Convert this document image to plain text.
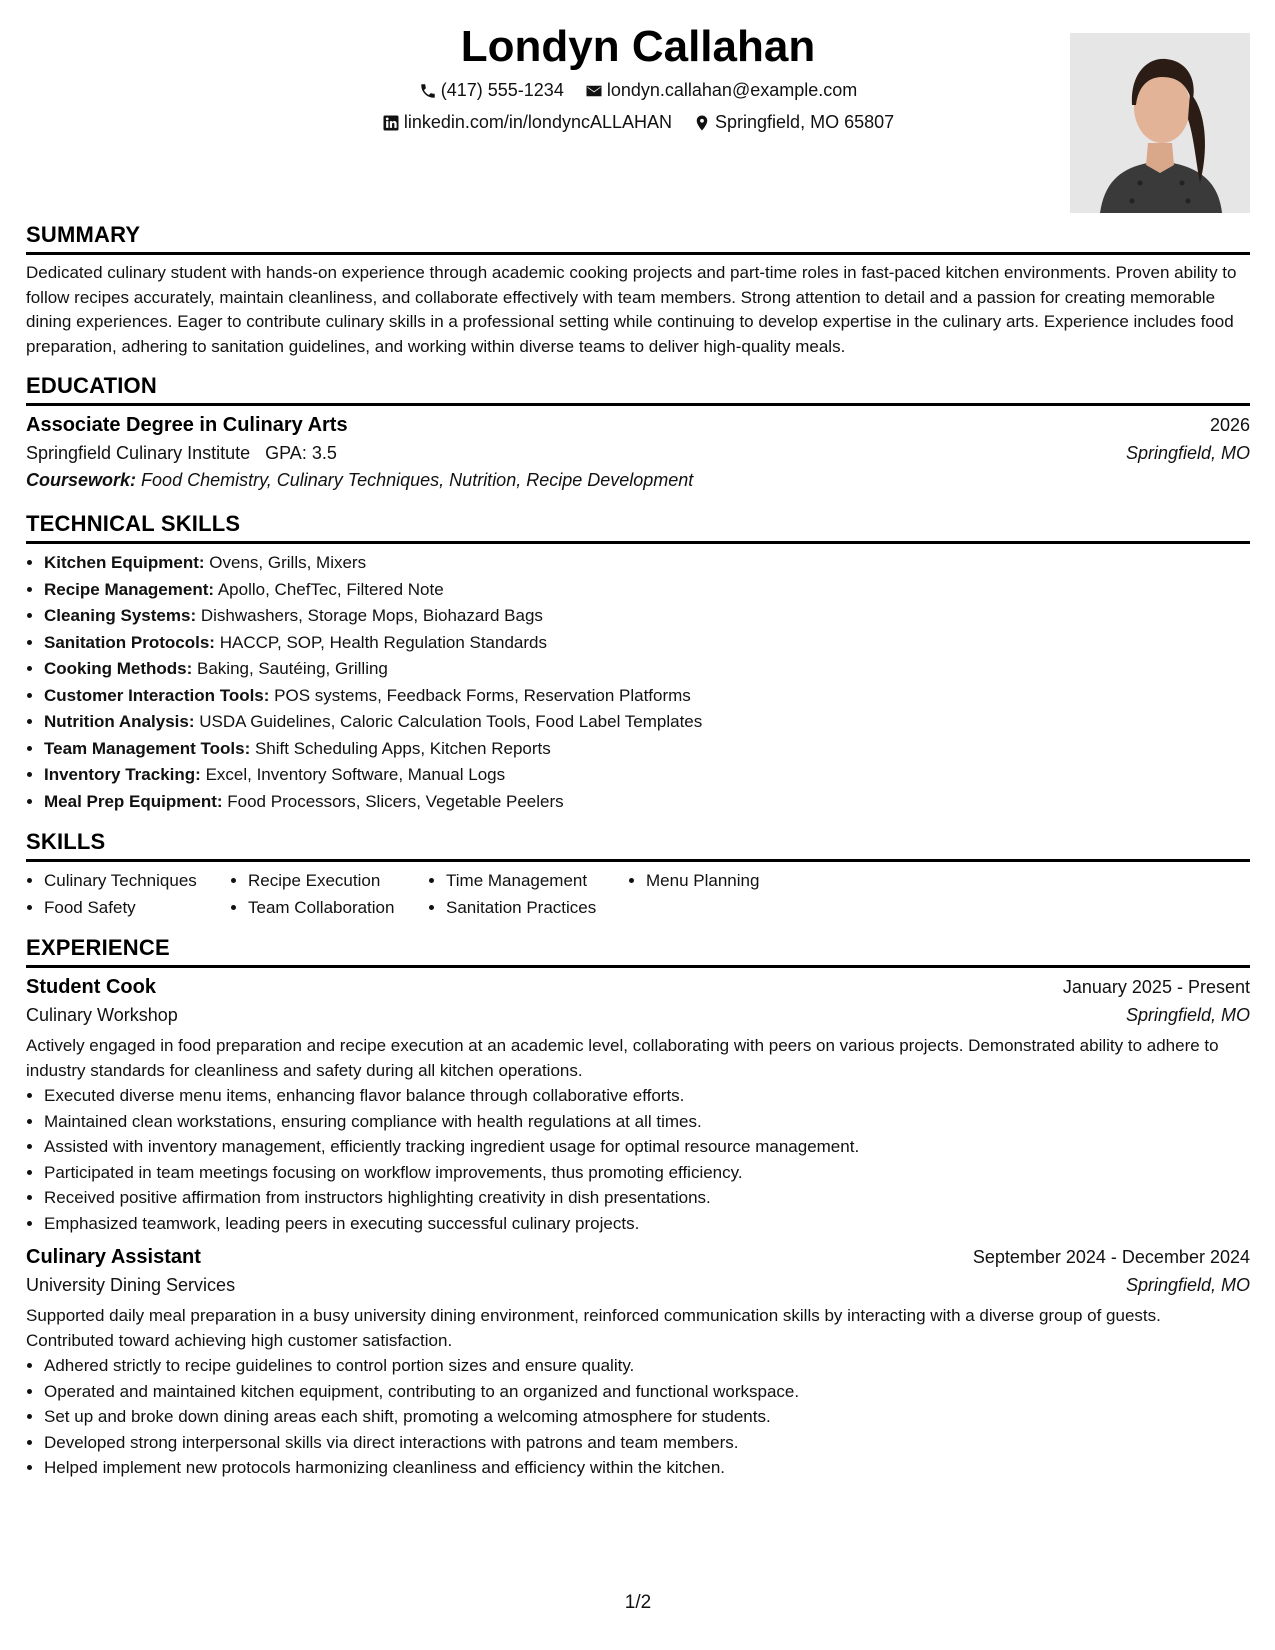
Londyn Callahan
(417) 555-1234
londyn.callahan@example.com
linkedin.com/in/londyncALLAHAN
Springfield, MO 65807
SUMMARY

Dedicated culinary student with hands-on experience through academic cooking projects and part-time roles in fast-paced kitchen environments. Proven ability to follow recipes accurately, maintain cleanliness, and collaborate effectively with team members. Strong attention to detail and a passion for creating memorable dining experiences. Eager to contribute culinary skills in a professional setting while continuing to develop expertise in the culinary arts. Experience includes food preparation, adhering to sanitation guidelines, and working within diverse teams to deliver high-quality meals.

EDUCATION
Associate Degree in Culinary Arts	2026
Springfield Culinary Institute GPA: 3.5	Springfield, MO
Coursework: Food Chemistry, Culinary Techniques, Nutrition, Recipe Development
TECHNICAL SKILLS
• Kitchen Equipment: Ovens, Grills, Mixers
• Recipe Management: Apollo, ChefTec, Filtered Note
• Cleaning Systems: Dishwashers, Storage Mops, Biohazard Bags
• Sanitation Protocols: HACCP, SOP, Health Regulation Standards
• Cooking Methods: Baking, Sautéing, Grilling
• Customer Interaction Tools: POS systems, Feedback Forms, Reservation Platforms
• Nutrition Analysis: USDA Guidelines, Caloric Calculation Tools, Food Label Templates
• Team Management Tools: Shift Scheduling Apps, Kitchen Reports
• Inventory Tracking: Excel, Inventory Software, Manual Logs
• Meal Prep Equipment: Food Processors, Slicers, Vegetable Peelers
SKILLS
Culinary Techniques	Recipe Execution	Time Management	Menu Planning
Food Safety	Team Collaboration	Sanitation Practices
EXPERIENCE
Student Cook	January 2025 - Present
Culinary Workshop	Springfield, MO

Actively engaged in food preparation and recipe execution at an academic level, collaborating with peers on various projects. Demonstrated ability to adhere to industry standards for cleanliness and safety during all kitchen operations.

• Executed diverse menu items, enhancing flavor balance through collaborative efforts.
• Maintained clean workstations, ensuring compliance with health regulations at all times.
• Assisted with inventory management, efficiently tracking ingredient usage for optimal resource management.
• Participated in team meetings focusing on workflow improvements, thus promoting efficiency.
• Received positive affirmation from instructors highlighting creativity in dish presentations.
• Emphasized teamwork, leading peers in executing successful culinary projects.
Culinary Assistant	September 2024 - December 2024
University Dining Services	Springfield, MO

Supported daily meal preparation in a busy university dining environment, reinforced communication skills by interacting with a diverse group of guests. Contributed toward achieving high customer satisfaction.

• Adhered strictly to recipe guidelines to control portion sizes and ensure quality.
• Operated and maintained kitchen equipment, contributing to an organized and functional workspace.
• Set up and broke down dining areas each shift, promoting a welcoming atmosphere for students.
• Developed strong interpersonal skills via direct interactions with patrons and team members.
• Helped implement new protocols harmonizing cleanliness and efficiency within the kitchen.
1/2
